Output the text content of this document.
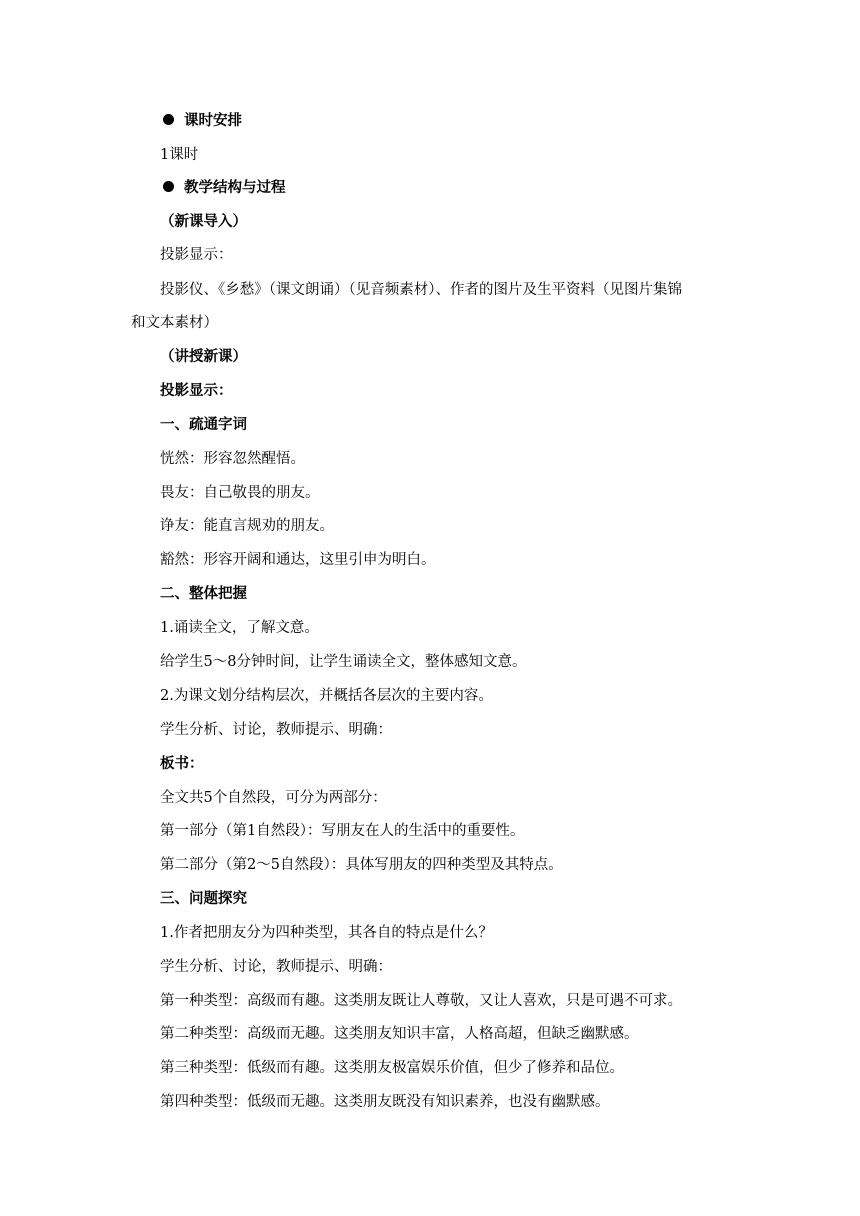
课时安排
1课时
教学结构与过程
（新课导入）
投影显示：
投影仪、《乡愁》（课文朗诵）（见音频素材）、作者的图片及生平资料（见图片集锦
和文本素材）
（讲授新课）
投影显示：
一、疏通字词
恍然：形容忽然醒悟。
畏友：自己敬畏的朋友。
诤友：能直言规劝的朋友。
豁然：形容开阔和通达，这里引申为明白。
二、整体把握
1.诵读全文，了解文意。
给学生5～8分钟时间，让学生诵读全文，整体感知文意。
2.为课文划分结构层次，并概括各层次的主要内容。
学生分析、讨论，教师提示、明确：
板书：
全文共5个自然段，可分为两部分：
第一部分（第1自然段）：写朋友在人的生活中的重要性。
第二部分（第2～5自然段）：具体写朋友的四种类型及其特点。
三、问题探究
1.作者把朋友分为四种类型，其各自的特点是什么？
学生分析、讨论，教师提示、明确：
第一种类型：高级而有趣。这类朋友既让人尊敬，又让人喜欢，只是可遇不可求。
第二种类型：高级而无趣。这类朋友知识丰富，人格高超，但缺乏幽默感。
第三种类型：低级而有趣。这类朋友极富娱乐价值，但少了修养和品位。
第四种类型：低级而无趣。这类朋友既没有知识素养，也没有幽默感。
